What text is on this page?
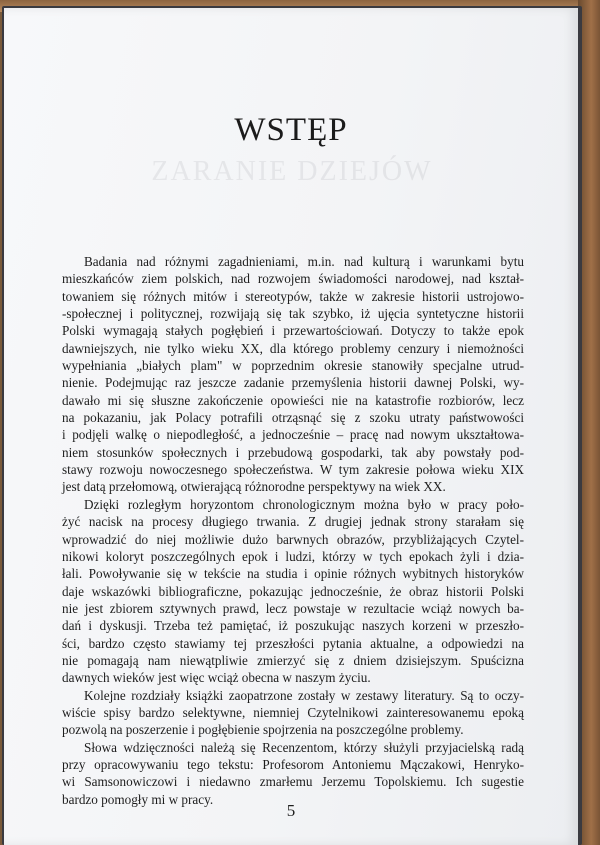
ZARANIE DZIEJÓW
WSTĘP
Badania nad różnymi zagadnieniami, m.in. nad kulturą i warunkami bytu
mieszkańców ziem polskich, nad rozwojem świadomości narodowej, nad kształ-
towaniem się różnych mitów i stereotypów, także w zakresie historii ustrojowo-
-społecznej i politycznej, rozwijają się tak szybko, iż ujęcia syntetyczne historii
Polski wymagają stałych pogłębień i przewartościowań. Dotyczy to także epok
dawniejszych, nie tylko wieku XX, dla którego problemy cenzury i niemożności
wypełniania „białych plam" w poprzednim okresie stanowiły specjalne utrud-
nienie. Podejmując raz jeszcze zadanie przemyślenia historii dawnej Polski, wy-
dawało mi się słuszne zakończenie opowieści nie na katastrofie rozbiorów, lecz
na pokazaniu, jak Polacy potrafili otrząsnąć się z szoku utraty państwowości
i podjęli walkę o niepodległość, a jednocześnie – pracę nad nowym ukształtowa-
niem stosunków społecznych i przebudową gospodarki, tak aby powstały pod-
stawy rozwoju nowoczesnego społeczeństwa. W tym zakresie połowa wieku XIX
jest datą przełomową, otwierającą różnorodne perspektywy na wiek XX.
Dzięki rozległym horyzontom chronologicznym można było w pracy poło-
żyć nacisk na procesy długiego trwania. Z drugiej jednak strony starałam się
wprowadzić do niej możliwie dużo barwnych obrazów, przybliżających Czytel-
nikowi koloryt poszczególnych epok i ludzi, którzy w tych epokach żyli i dzia-
łali. Powoływanie się w tekście na studia i opinie różnych wybitnych historyków
daje wskazówki bibliograficzne, pokazując jednocześnie, że obraz historii Polski
nie jest zbiorem sztywnych prawd, lecz powstaje w rezultacie wciąż nowych ba-
dań i dyskusji. Trzeba też pamiętać, iż poszukując naszych korzeni w przeszło-
ści, bardzo często stawiamy tej przeszłości pytania aktualne, a odpowiedzi na
nie pomagają nam niewątpliwie zmierzyć się z dniem dzisiejszym. Spuścizna
dawnych wieków jest więc wciąż obecna w naszym życiu.
Kolejne rozdziały książki zaopatrzone zostały w zestawy literatury. Są to oczy-
wiście spisy bardzo selektywne, niemniej Czytelnikowi zainteresowanemu epoką
pozwolą na poszerzenie i pogłębienie spojrzenia na poszczególne problemy.
Słowa wdzięczności należą się Recenzentom, którzy służyli przyjacielską radą
przy opracowywaniu tego tekstu: Profesorom Antoniemu Mączakowi, Henryko-
wi Samsonowiczowi i niedawno zmarłemu Jerzemu Topolskiemu. Ich sugestie
bardzo pomogły mi w pracy.
5
